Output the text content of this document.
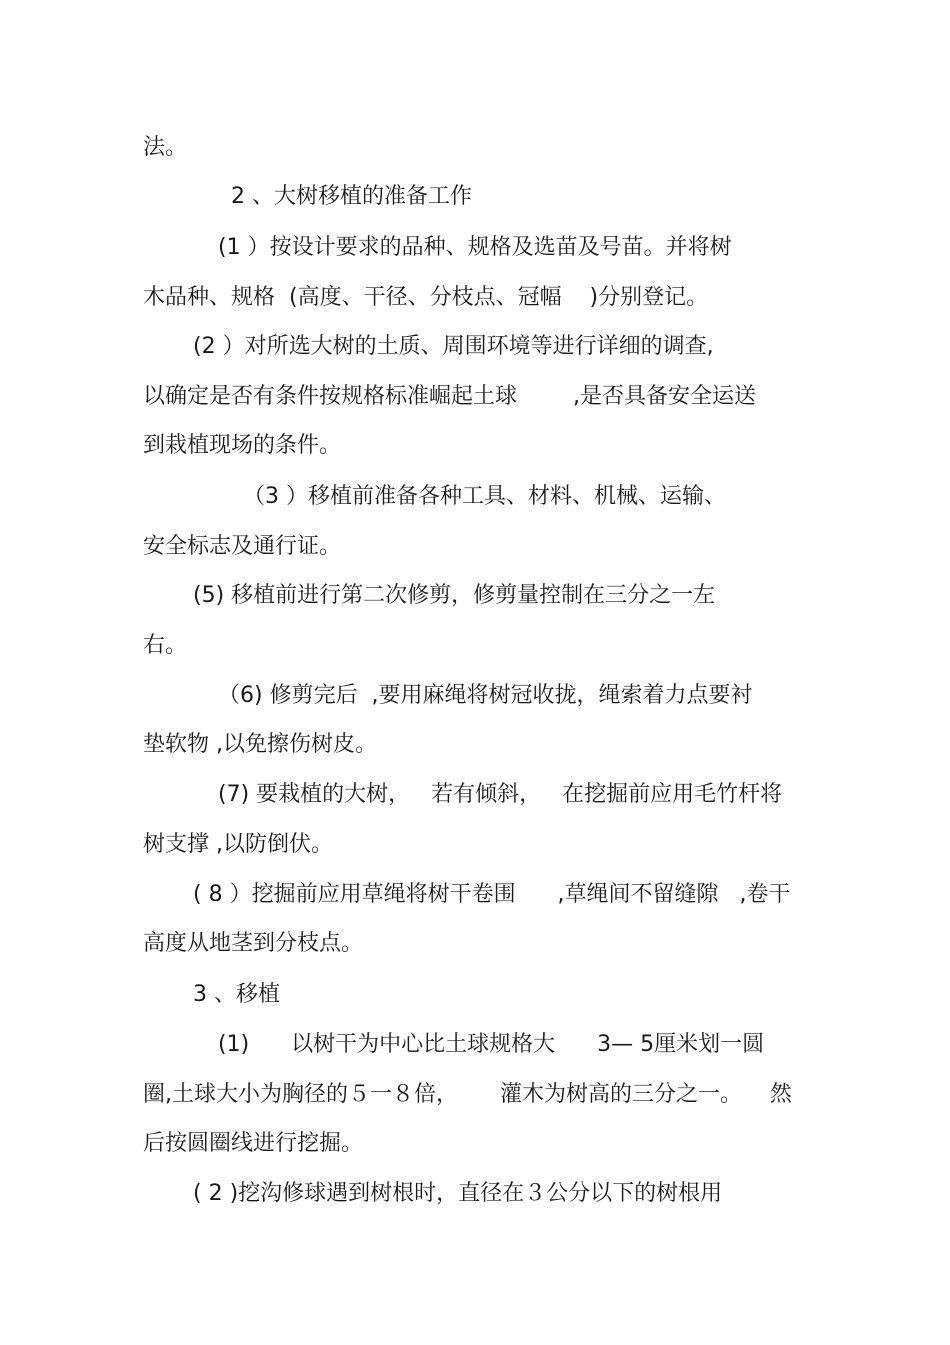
法。
2 、大树移植的准备工作
(1 ）按设计要求的品种、规格及选苗及号苗。并将树
木品种、规格  (高度、干径、分枝点、冠幅    )分别登记。
(2 ）对所选大树的土质、周围环境等进行详细的调查,
以确定是否有条件按规格标准崛起土球        ,是否具备安全运送
到栽植现场的条件。
（3 ）移植前准备各种工具、材料、机械、运输、
安全标志及通行证。
(5) 移植前进行第二次修剪，修剪量控制在三分之一左
右。
（6) 修剪完后  ,要用麻绳将树冠收拢，绳索着力点要衬
垫软物 ,以免擦伤树皮。
(7) 要栽植的大树，   若有倾斜，   在挖掘前应用毛竹杆将
树支撑 ,以防倒伏。
( 8 ）挖掘前应用草绳将树干卷围      ,草绳间不留缝隙   ,卷干
高度从地茎到分枝点。
3 、移植
(1)      以树干为中心比土球规格大      3— 5厘米划一圆
圈,土球大小为胸径的５一８倍，      灌木为树高的三分之一。    然
后按圆圈线进行挖掘。
( 2 )挖沟修球遇到树根时，直径在３公分以下的树根用
